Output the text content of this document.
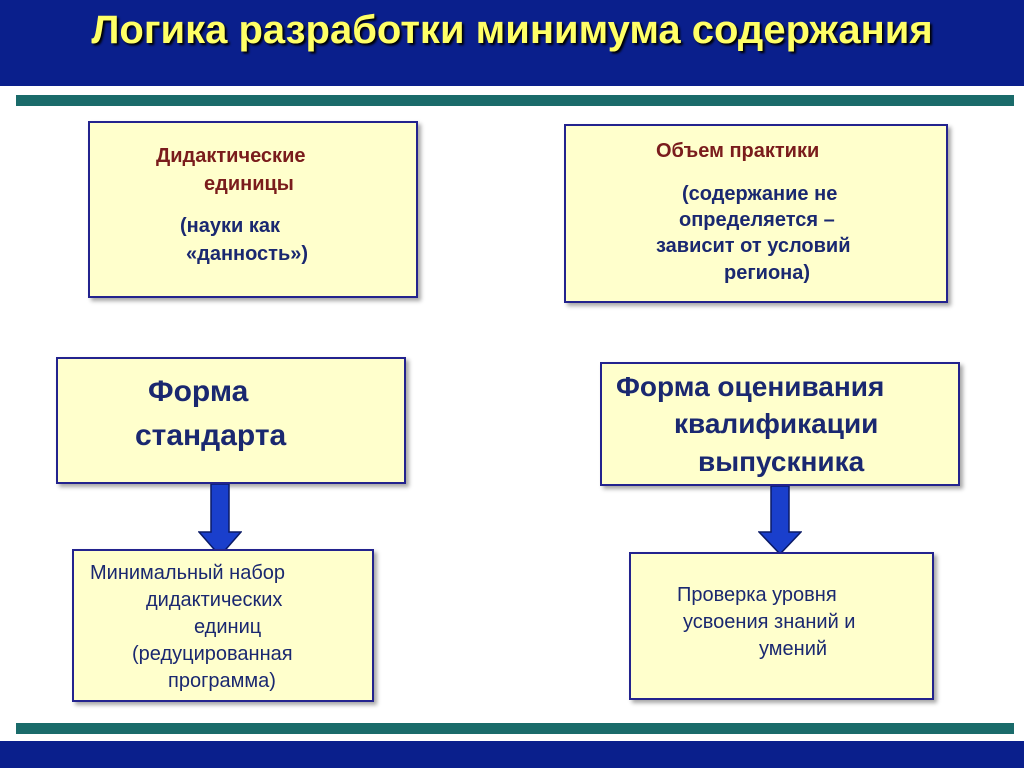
Логика разработки минимума содержания
Дидактические
единицы
(науки как
«данность»)
Объем практики
(содержание не
определяется –
зависит от условий
региона)
Форма
стандарта
Форма оценивания
квалификации
выпускника
Минимальный набор
дидактических
единиц
(редуцированная
программа)
Проверка уровня
усвоения знаний и
умений
